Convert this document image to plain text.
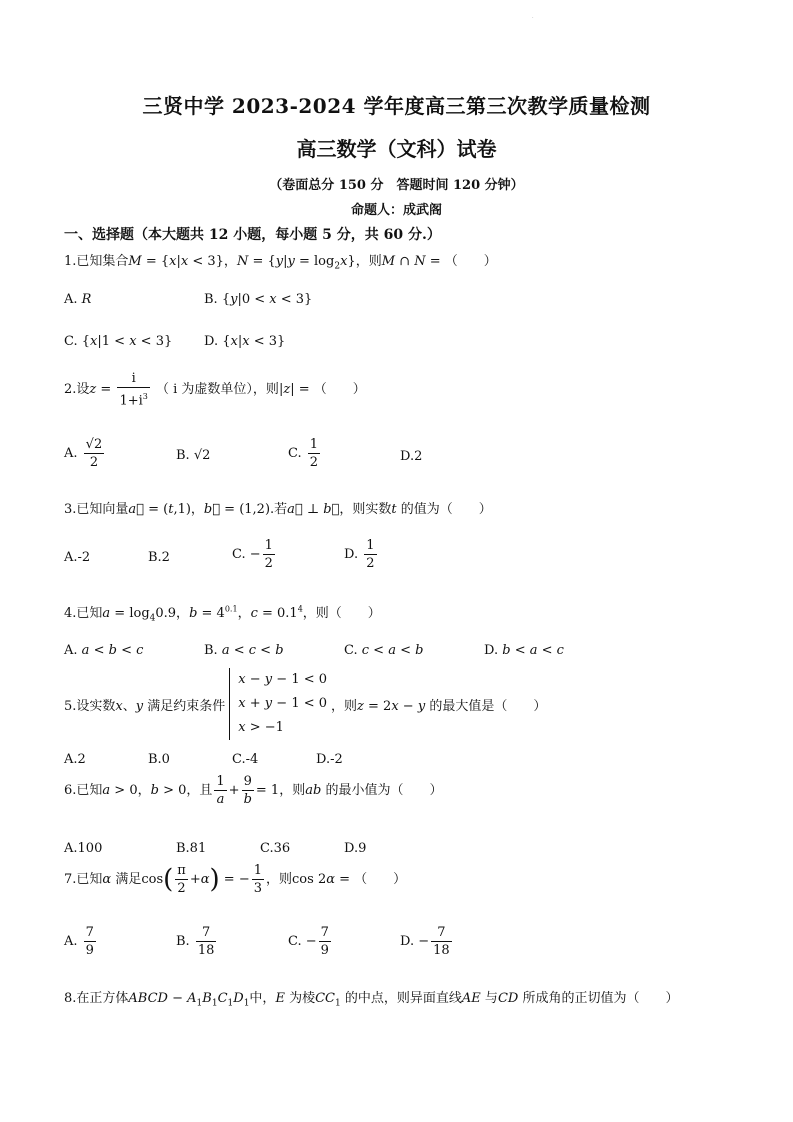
.
三贤中学 2023-2024 学年度高三第三次教学质量检测
高三数学（文科）试卷
（卷面总分 150 分　答题时间 120 分钟）
命题人：成武阁
一、选择题（本大题共 12 小题，每小题 5 分，共 60 分.）
1.已知集合M = {x|x < 3}，$N = \{y|y = \log_2x\}$，则M ∩ N = （　　）
A. R	B. {y|0 < x < 3}
C. {x|1 < x < 3} D. {x|x < 3}
2.设$z = \frac{i}{1+i^3}$ （ i 为虚数单位），则|z| = （　　）
A. $\frac{√2}{2}$	B. √2	C. $\frac{1}{2}$	D.2
3.已知向量a⃗ = (t,1)，b⃗ = (1,2).若a⃗ ⊥ b⃗，则实数t 的值为（　　）
A.-2	B.2	C. − $\frac{1}{2}$	D. $\frac{1}{2}$
4.已知$a = \log_40.9$，$b = 4^{0.1}$，$c = 0.1^4$，则（　　）
A. a < b < c	B. a < c < b	C. c < a < b	D. b < a < c
5.设实数x、y 满足约束条件
x − y − 1 < 0
x + y − 1 < 0
x > −1
，则z = 2x − y 的最大值是（　　）
A.2	B.0	C.-4	D.-2
6.已知a > 0，b > 0，且 $\frac{1}{a} + \frac{9}{b} = 1$，则ab 的最小值为（　　）
A.100	B.81	C.36	D.9
7.已知α 满足$\cos( \frac{\pi}{2} +\alpha)$ = − $\frac{1}{3}$ ，则cos 2α = （　　）
A. $\frac{7}{9}$	B. $\frac{7}{18}$	C. − $\frac{7}{9}$	D. − $\frac{7}{18}$
8.在正方体ABCD − $A_1B_1C_1D_1$中，E 为棱$CC_1$ 的中点，则异面直线AE 与CD 所成角的正切值为（　　）
